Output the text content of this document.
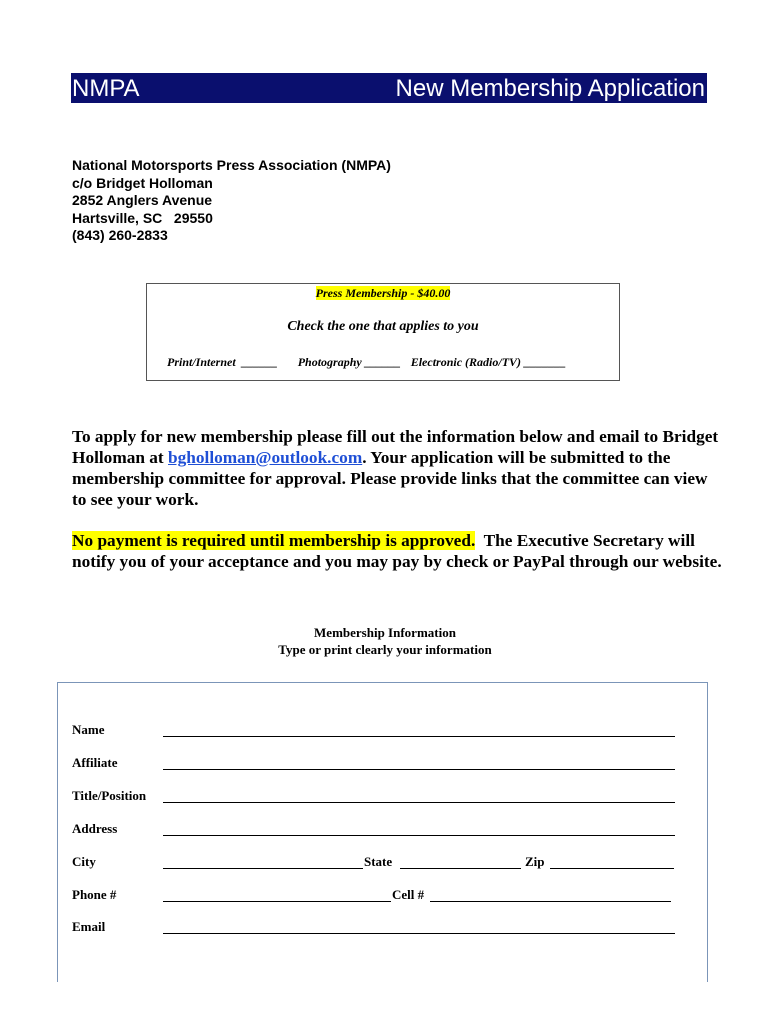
NMPA	New Membership Application
National Motorsports Press Association (NMPA)
c/o Bridget Holloman
2852 Anglers Avenue
Hartsville, SC   29550
(843) 260-2833
Press Membership - $40.00
Check the one that applies to you
Print/Internet  ______ Photography ______ Electronic (Radio/TV) _______
To apply for new membership please fill out the information below and email to Bridget Holloman at bgholloman@outlook.com. Your application will be submitted to the membership committee for approval. Please provide links that the committee can view to see your work.
No payment is required until membership is approved.  The Executive Secretary will notify you of your acceptance and you may pay by check or PayPal through our website.
Membership Information
Type or print clearly your information
Name
Affiliate
Title/Position
Address
City	State	Zip
Phone #	Cell #
Email
